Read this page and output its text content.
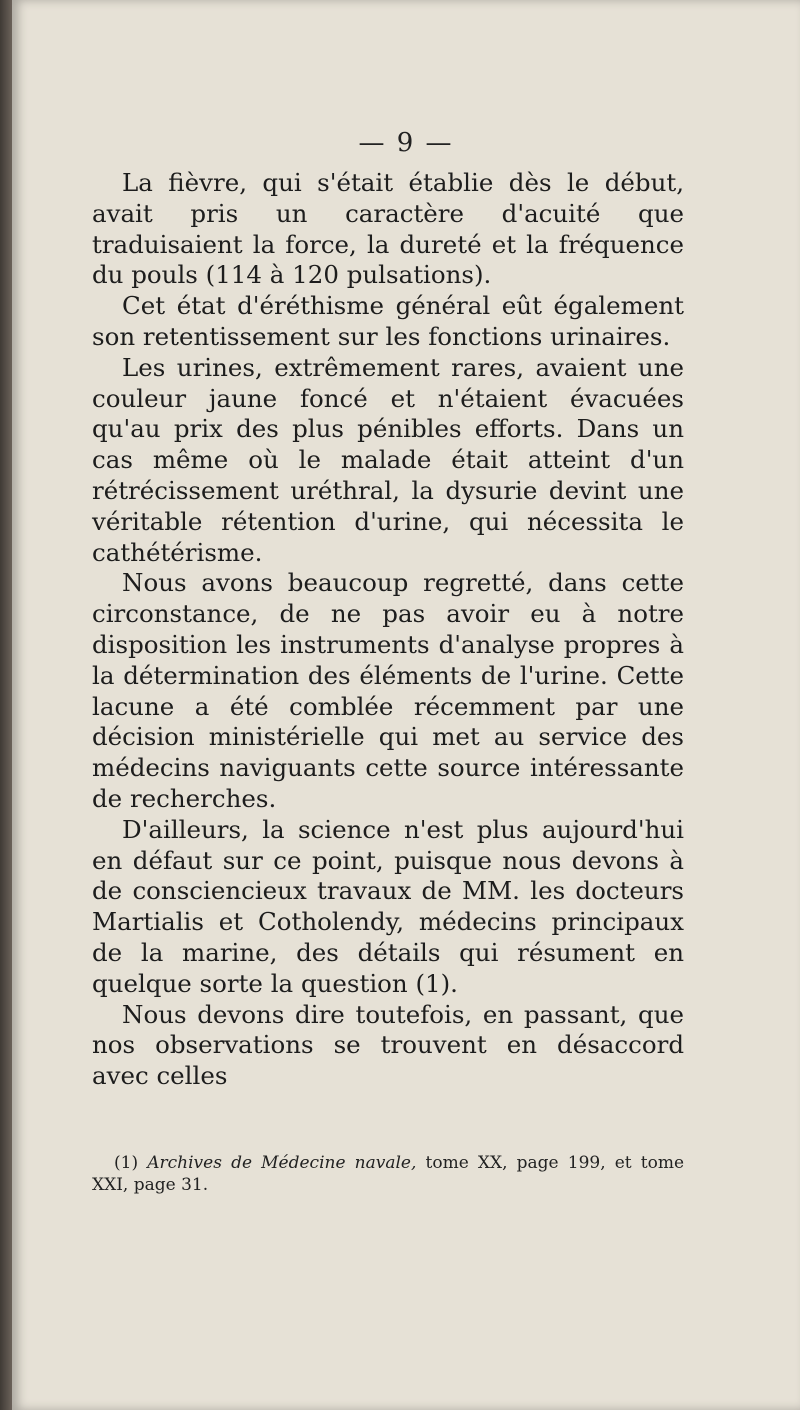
— 9 —

La fièvre, qui s'était établie dès le début, avait pris un caractère d'acuité que traduisaient la force, la dureté et la fréquence du pouls (114 à 120 pulsations).

Cet état d'éréthisme général eût également son retentissement sur les fonctions urinaires.

Les urines, extrêmement rares, avaient une couleur jaune foncé et n'étaient évacuées qu'au prix des plus pénibles efforts. Dans un cas même où le malade était atteint d'un rétrécissement uréthral, la dysurie devint une véritable rétention d'urine, qui nécessita le cathétérisme.

Nous avons beaucoup regretté, dans cette circonstance, de ne pas avoir eu à notre disposition les instruments d'analyse propres à la détermination des éléments de l'urine. Cette lacune a été comblée récemment par une décision ministérielle qui met au service des médecins naviguants cette source intéressante de recherches.

D'ailleurs, la science n'est plus aujourd'hui en défaut sur ce point, puisque nous devons à de consciencieux travaux de MM. les docteurs Martialis et Cotholendy, médecins principaux de la marine, des détails qui résument en quelque sorte la question (1).

Nous devons dire toutefois, en passant, que nos observations se trouvent en désaccord avec celles

(1) Archives de Médecine navale, tome XX, page 199, et tome XXI, page 31.
